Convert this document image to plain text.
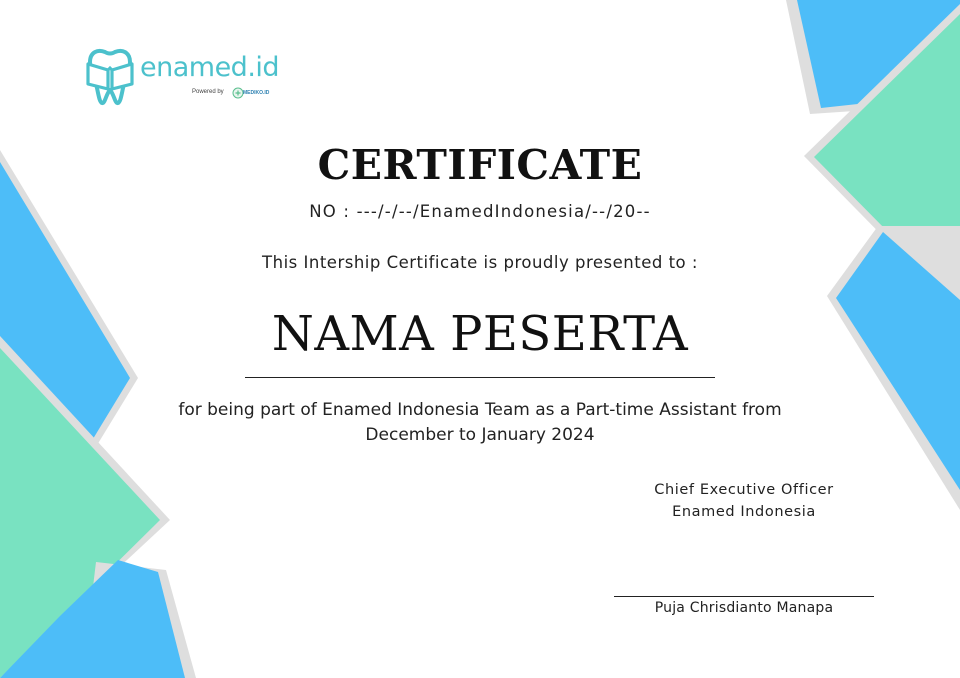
enamed.id
Powered by	MEDIKO.ID
CERTIFICATE
NO : ---/-/--/EnamedIndonesia/--/20--
This Intership Certificate is proudly presented to :
NAMA PESERTA
for being part of Enamed Indonesia Team as a Part-time Assistant from
December to January 2024
Chief Executive Officer
Enamed Indonesia
Puja Chrisdianto Manapa
